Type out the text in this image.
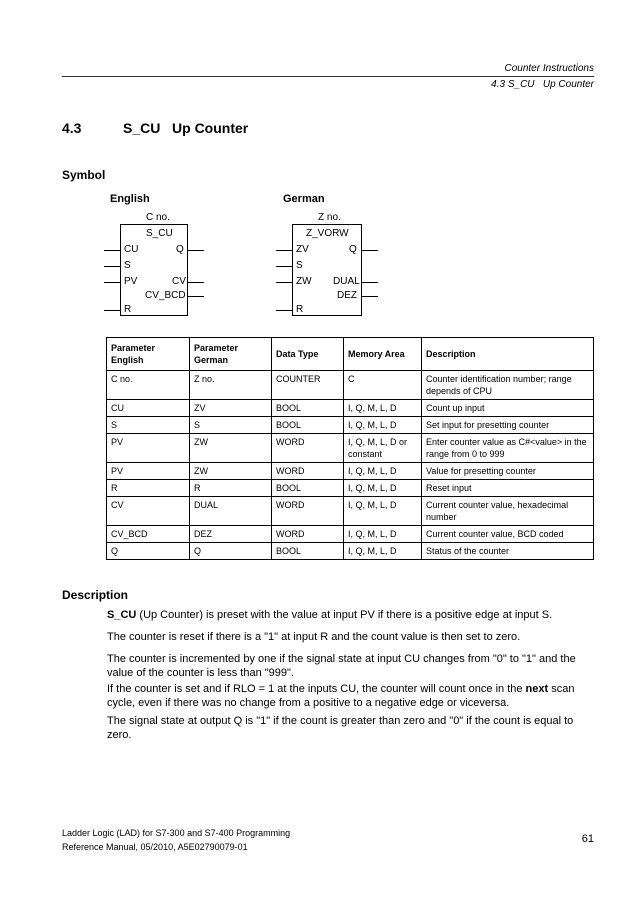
Counter Instructions
4.3 S_CU   Up Counter
4.3	S_CU   Up Counter
Symbol
English
C no.
S_CU
CU
S
PV
R
Q
CV
CV_BCD
German
Z no.
Z_VORW
ZV
S
ZW
R
Q
DUAL
DEZ
Parameter English	Parameter German	Data Type	Memory Area	Description
C no.	Z no.	COUNTER	C	Counter identification number; range depends of CPU
CU	ZV	BOOL	I, Q, M, L, D	Count up input
S	S	BOOL	I, Q, M, L, D	Set input for presetting counter
PV	ZW	WORD	I, Q, M, L, D or constant	Enter counter value as C#<value> in the range from 0 to 999
PV	ZW	WORD	I, Q, M, L, D	Value for presetting counter
R	R	BOOL	I, Q, M, L, D	Reset input
CV	DUAL	WORD	I, Q, M, L, D	Current counter value, hexadecimal number
CV_BCD	DEZ	WORD	I, Q, M, L, D	Current counter value, BCD coded
Q	Q	BOOL	I, Q, M, L, D	Status of the counter
Description
S_CU (Up Counter) is preset with the value at input PV if there is a positive edge at input S.
The counter is reset if there is a "1" at input R and the count value is then set to zero.
The counter is incremented by one if the signal state at input CU changes from "0" to "1" and the value of the counter is less than "999".
If the counter is set and if RLO = 1 at the inputs CU, the counter will count once in the next scan cycle, even if there was no change from a positive to a negative edge or viceversa.
The signal state at output Q is "1" if the count is greater than zero and "0" if the count is equal to zero.
Ladder Logic (LAD) for S7-300 and S7-400 Programming
Reference Manual, 05/2010, A5E02790079-01
61
